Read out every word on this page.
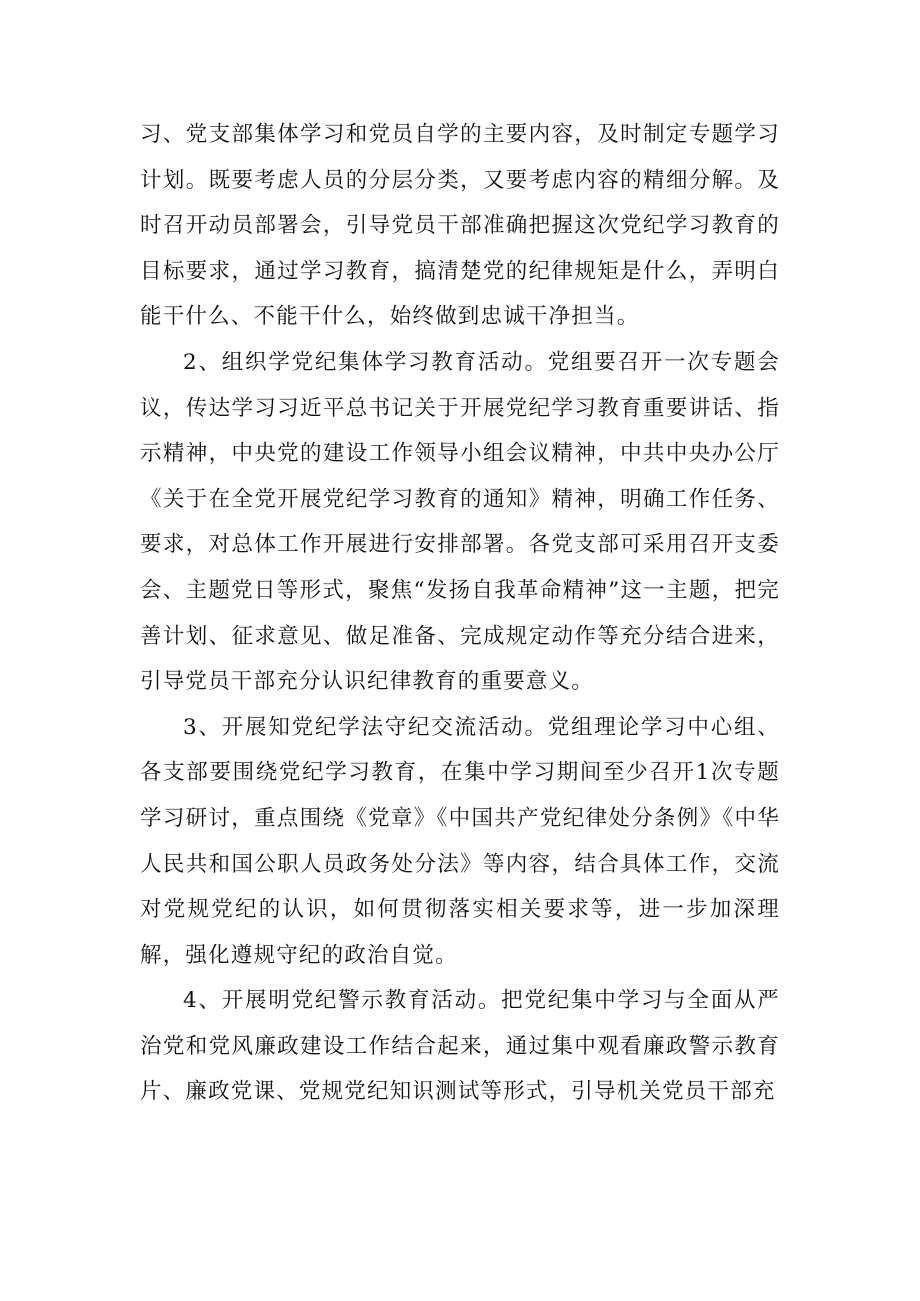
习、党支部集体学习和党员自学的主要内容，及时制定专题学习计划。既要考虑人员的分层分类，又要考虑内容的精细分解。及时召开动员部署会，引导党员干部准确把握这次党纪学习教育的目标要求，通过学习教育，搞清楚党的纪律规矩是什么，弄明白能干什么、不能干什么，始终做到忠诚干净担当。

2、组织学党纪集体学习教育活动。党组要召开一次专题会议，传达学习习近平总书记关于开展党纪学习教育重要讲话、指示精神，中央党的建设工作领导小组会议精神，中共中央办公厅《关于在全党开展党纪学习教育的通知》精神，明确工作任务、要求，对总体工作开展进行安排部署。各党支部可采用召开支委会、主题党日等形式，聚焦“发扬自我革命精神”这一主题，把完善计划、征求意见、做足准备、完成规定动作等充分结合进来，引导党员干部充分认识纪律教育的重要意义。

3、开展知党纪学法守纪交流活动。党组理论学习中心组、各支部要围绕党纪学习教育，在集中学习期间至少召开1次专题学习研讨，重点围绕《党章》《中国共产党纪律处分条例》《中华人民共和国公职人员政务处分法》等内容，结合具体工作，交流对党规党纪的认识，如何贯彻落实相关要求等，进一步加深理解，强化遵规守纪的政治自觉。

4、开展明党纪警示教育活动。把党纪集中学习与全面从严治党和党风廉政建设工作结合起来，通过集中观看廉政警示教育片、廉政党课、党规党纪知识测试等形式，引导机关党员干部充
